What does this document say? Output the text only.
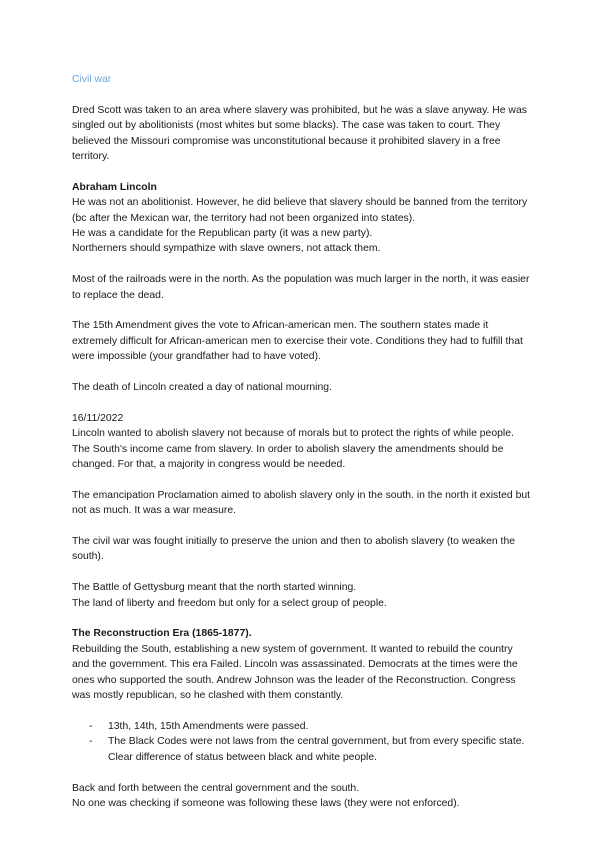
Civil war

Dred Scott was taken to an area where slavery was prohibited, but he was a slave anyway. He was singled out by abolitionists (most whites but some blacks). The case was taken to court. They believed the Missouri compromise was unconstitutional because it prohibited slavery in a free territory.

Abraham Lincoln
He was not an abolitionist. However, he did believe that slavery should be banned from the territory (bc after the Mexican war, the territory had not been organized into states).
He was a candidate for the Republican party (it was a new party).
Northerners should sympathize with slave owners, not attack them.

Most of the railroads were in the north. As the population was much larger in the north, it was easier to replace the dead.

The 15th Amendment gives the vote to African-american men. The southern states made it extremely difficult for African-american men to exercise their vote. Conditions they had to fulfill that were impossible (your grandfather had to have voted).

The death of Lincoln created a day of national mourning.

16/11/2022
Lincoln wanted to abolish slavery not because of morals but to protect the rights of while people. The South's income came from slavery. In order to abolish slavery the amendments should be changed. For that, a majority in congress would be needed.

The emancipation Proclamation aimed to abolish slavery only in the south. in the north it existed but not as much. It was a war measure.

The civil war was fought initially to preserve the union and then to abolish slavery (to weaken the south).

The Battle of Gettysburg meant that the north started winning.
The land of liberty and freedom but only for a select group of people.

The Reconstruction Era (1865-1877).
Rebuilding the South, establishing a new system of government. It wanted to rebuild the country and the government. This era Failed. Lincoln was assassinated. Democrats at the times were the ones who supported the south. Andrew Johnson was the leader of the Reconstruction. Congress was mostly republican, so he clashed with them constantly.

- 13th, 14th, 15th Amendments were passed.
- The Black Codes were not laws from the central government, but from every specific state. Clear difference of status between black and white people.

Back and forth between the central government and the south.
No one was checking if someone was following these laws (they were not enforced).
